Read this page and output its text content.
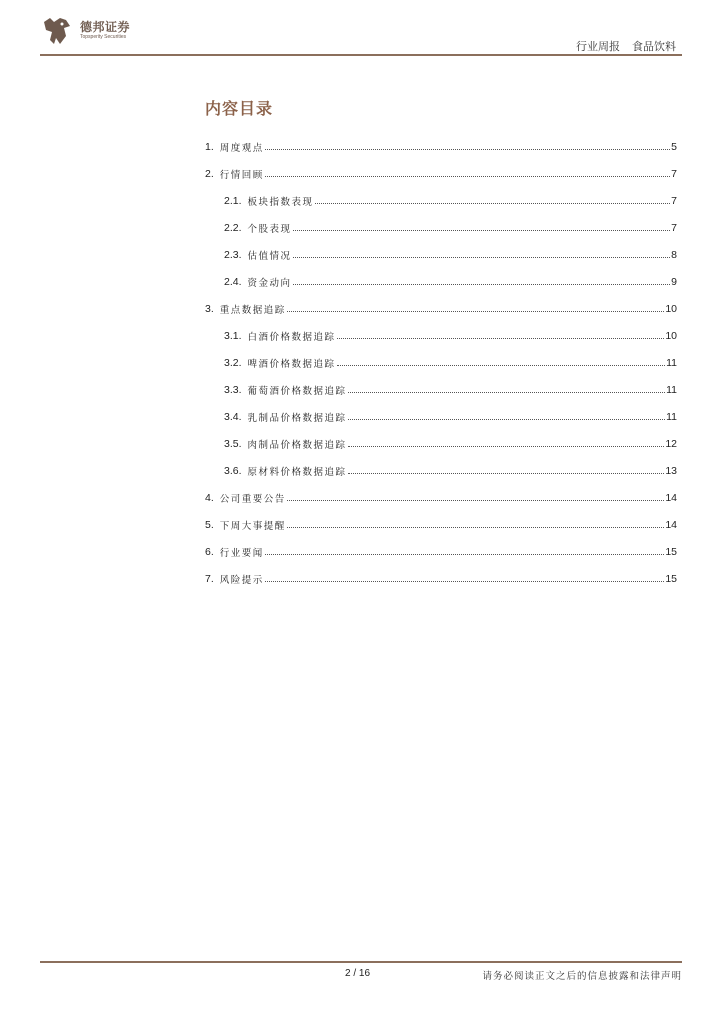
德邦证券
Topsperity Securities
行业周报 食品饮料
内容目录
1. 周度观点	5
2. 行情回顾	7
2.1. 板块指数表现	7
2.2. 个股表现	7
2.3. 估值情况	8
2.4. 资金动向	9
3. 重点数据追踪	10
3.1. 白酒价格数据追踪	10
3.2. 啤酒价格数据追踪	11
3.3. 葡萄酒价格数据追踪	11
3.4. 乳制品价格数据追踪	11
3.5. 肉制品价格数据追踪	12
3.6. 原材料价格数据追踪	13
4. 公司重要公告	14
5. 下周大事提醒	14
6. 行业要闻	15
7. 风险提示	15
2 / 16	请务必阅读正文之后的信息披露和法律声明
